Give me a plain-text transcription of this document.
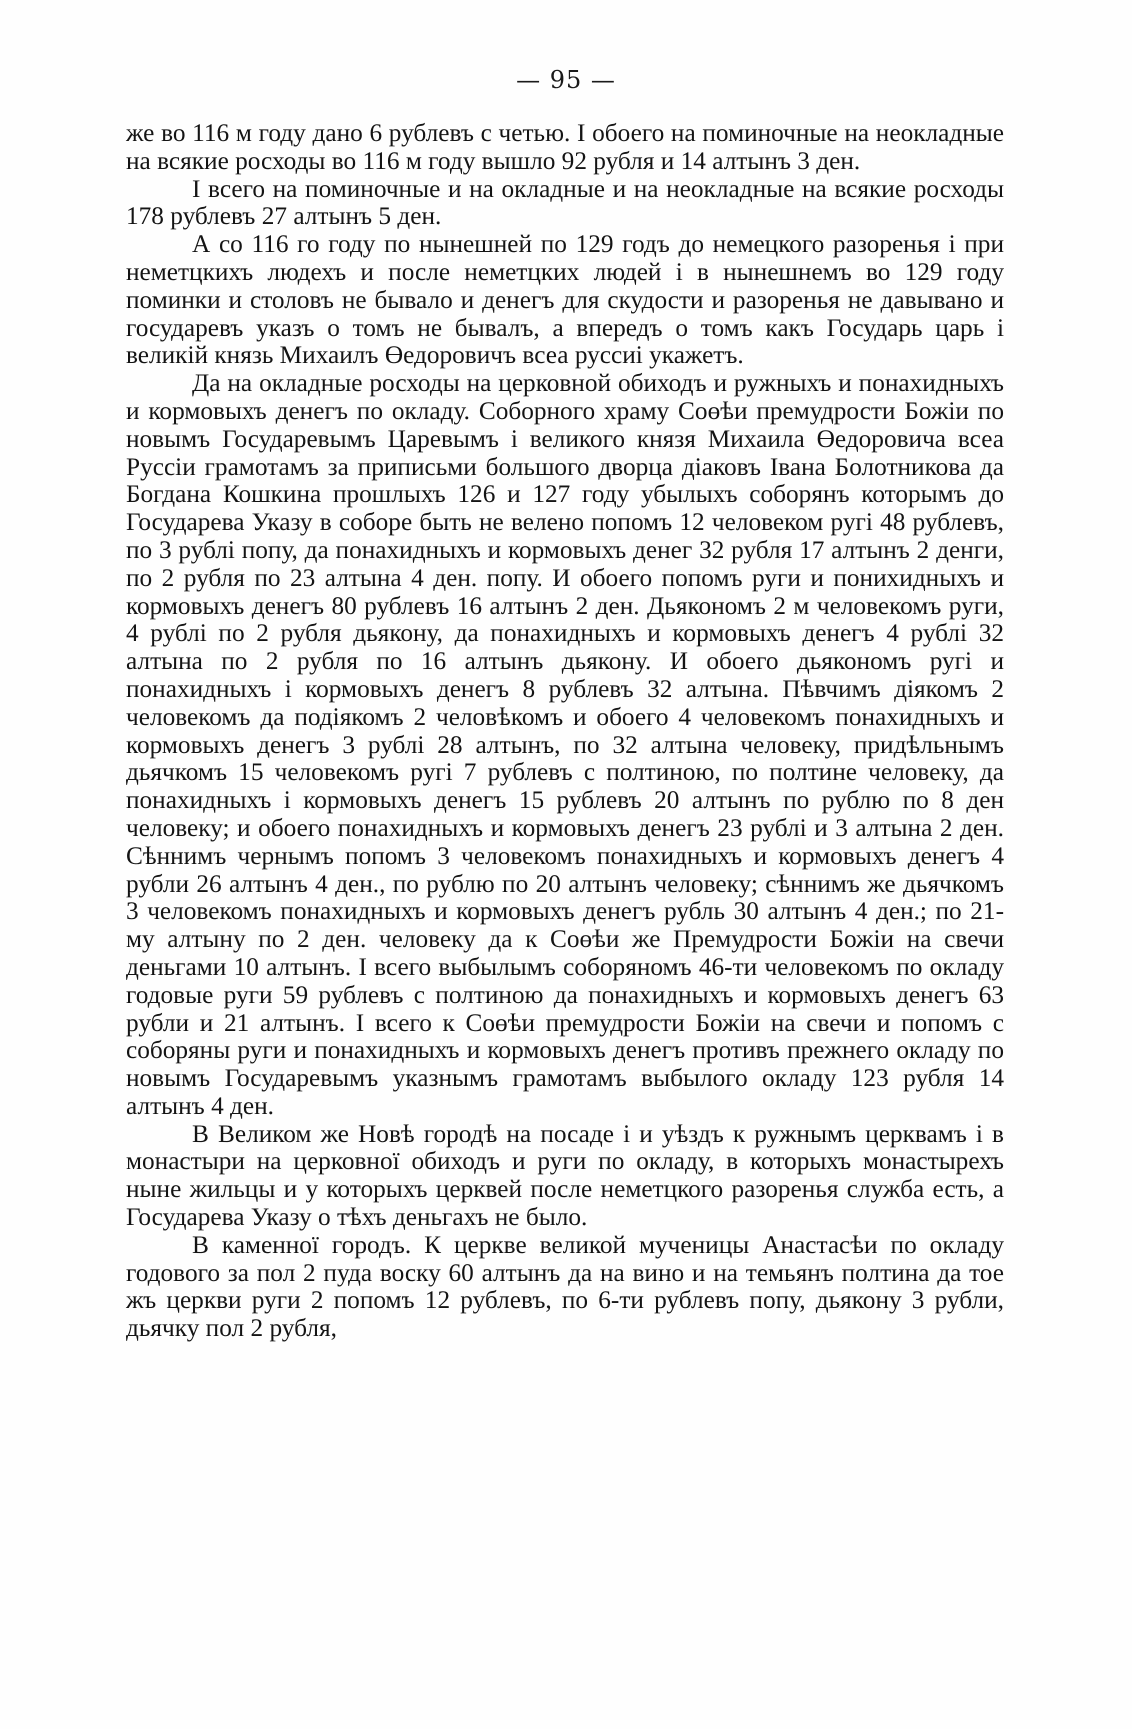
— 95 —

же во 116 м году дано 6 рублевъ с четью. І обоего на поминочные на неокладные на всякие росходы во 116 м году вышло 92 рубля и 14 алтынъ 3 ден.

І всего на поминочные и на окладные и на неокладные на всякие росходы 178 рублевъ 27 алтынъ 5 ден.

А со 116 го году по нынешней по 129 годъ до немецкого разоренья і при неметцкихъ людехъ и после неметцких людей і в нынешнемъ во 129 году поминки и столовъ не бывало и денегъ для скудости и разоренья не давывано и государевъ указъ о томъ не бывалъ, а впередъ о томъ какъ Государь царь і великій князь Михаилъ Өедоровичъ всеа руссиі укажетъ.

Да на окладные росходы на церковной обиходъ и ружныхъ и понахидныхъ и кормовыхъ денегъ по окладу. Соборного храму Соөѣи премудрости Божіи по новымъ Государевымъ Царевымъ і великого князя Михаила Өедоровича всеа Руссіи грамотамъ за приписьми большого дворца діаковъ Івана Болотникова да Богдана Кошкина прошлыхъ 126 и 127 году убылыхъ соборянъ которымъ до Государева Указу в соборе быть не велено попомъ 12 человеком ругі 48 рублевъ, по 3 рублі попу, да понахидныхъ и кормовыхъ денег 32 рубля 17 алтынъ 2 денги, по 2 рубля по 23 алтына 4 ден. попу. И обоего попомъ руги и понихидныхъ и кормовыхъ денегъ 80 рублевъ 16 алтынъ 2 ден. Дьякономъ 2 м человекомъ руги, 4 рублі по 2 рубля дьякону, да понахидныхъ и кормовыхъ денегъ 4 рублі 32 алтына по 2 рубля по 16 алтынъ дьякону. И обоего дьякономъ ругі и понахидныхъ і кормовыхъ денегъ 8 рублевъ 32 алтына. Пѣвчимъ діякомъ 2 человекомъ да подіякомъ 2 человѣкомъ и обоего 4 человекомъ понахидныхъ и кормовыхъ денегъ 3 рублі 28 алтынъ, по 32 алтына человеку, придѣльнымъ дьячкомъ 15 человекомъ ругі 7 рублевъ с полтиною, по полтине человеку, да понахидныхъ і кормовыхъ денегъ 15 рублевъ 20 алтынъ по рублю по 8 ден человеку; и обоего понахидныхъ и кормовыхъ денегъ 23 рублі и 3 алтына 2 ден. Сѣннимъ чернымъ попомъ 3 человекомъ понахидныхъ и кормовыхъ денегъ 4 рубли 26 алтынъ 4 ден., по рублю по 20 алтынъ человеку; сѣннимъ же дьячкомъ 3 человекомъ понахидныхъ и кормовыхъ денегъ рубль 30 алтынъ 4 ден.; по 21-му алтыну по 2 ден. человеку да к Соөѣи же Премудрости Божіи на свечи деньгами 10 алтынъ. І всего выбылымъ соборяномъ 46-ти человекомъ по окладу годовые руги 59 рублевъ с полтиною да понахидныхъ и кормовыхъ денегъ 63 рубли и 21 алтынъ. І всего к Соөѣи премудрости Божіи на свечи и попомъ с соборяны руги и понахидныхъ и кормовыхъ денегъ противъ прежнего окладу по новымъ Государевымъ указнымъ грамотамъ выбылого окладу 123 рубля 14 алтынъ 4 ден.

В Великом же Новѣ городѣ на посаде і и уѣздъ к ружнымъ церквамъ і в монастыри на церковної обиходъ и руги по окладу, в которыхъ монастырехъ ныне жильцы и у которыхъ церквей после неметцкого разоренья служба есть, а Государева Указу о тѣхъ деньгахъ не было.

В каменної городъ. К церкве великой мученицы Анастасѣи по окладу годового за пол 2 пуда воску 60 алтынъ да на вино и на темьянъ полтина да тое жъ церкви руги 2 попомъ 12 рублевъ, по 6-ти рублевъ попу, дьякону 3 рубли, дьячку пол 2 рубля,
